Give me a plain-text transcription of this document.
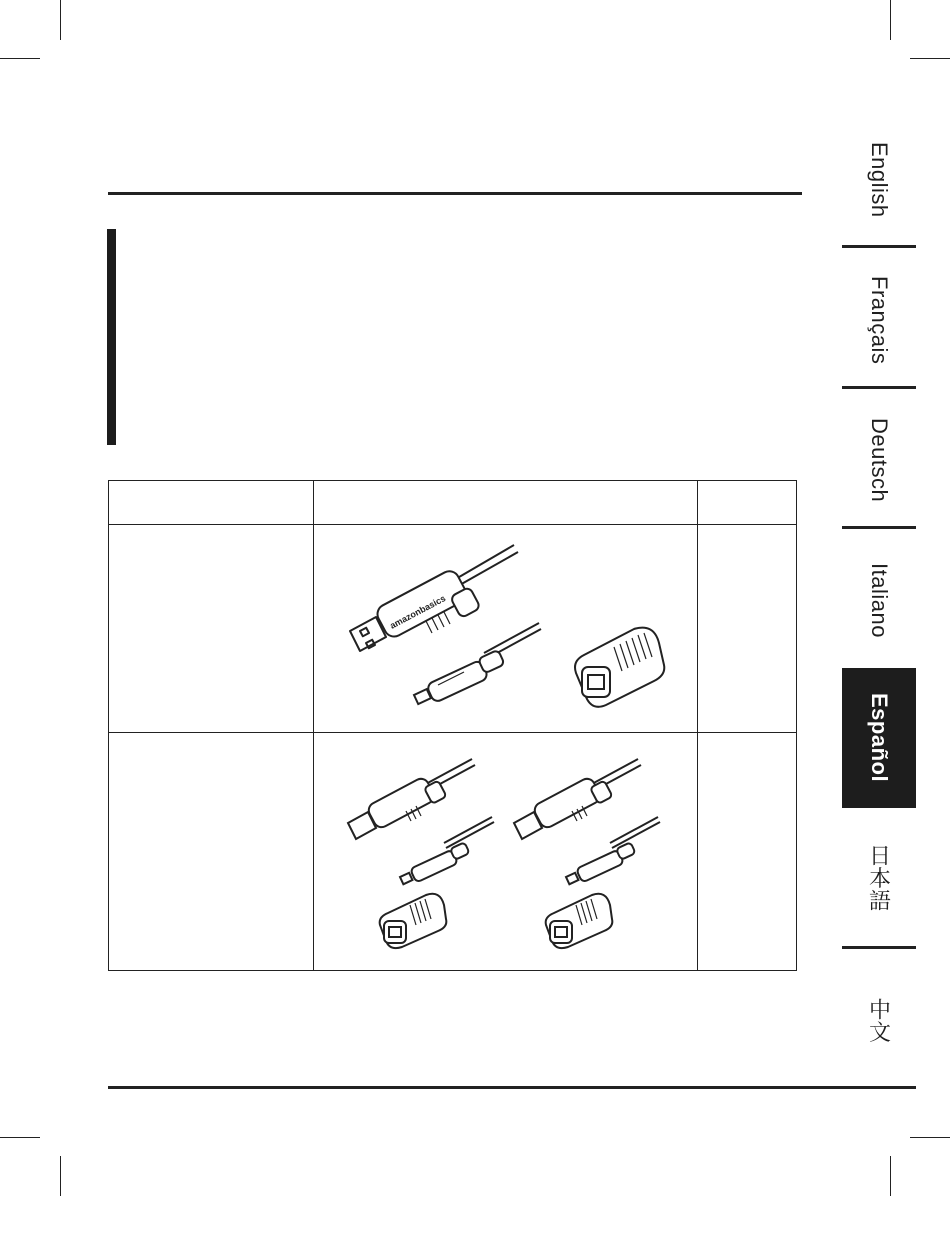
English
Français
Deutsch
Italiano
Español
日本語
中文

amazonbasics	
